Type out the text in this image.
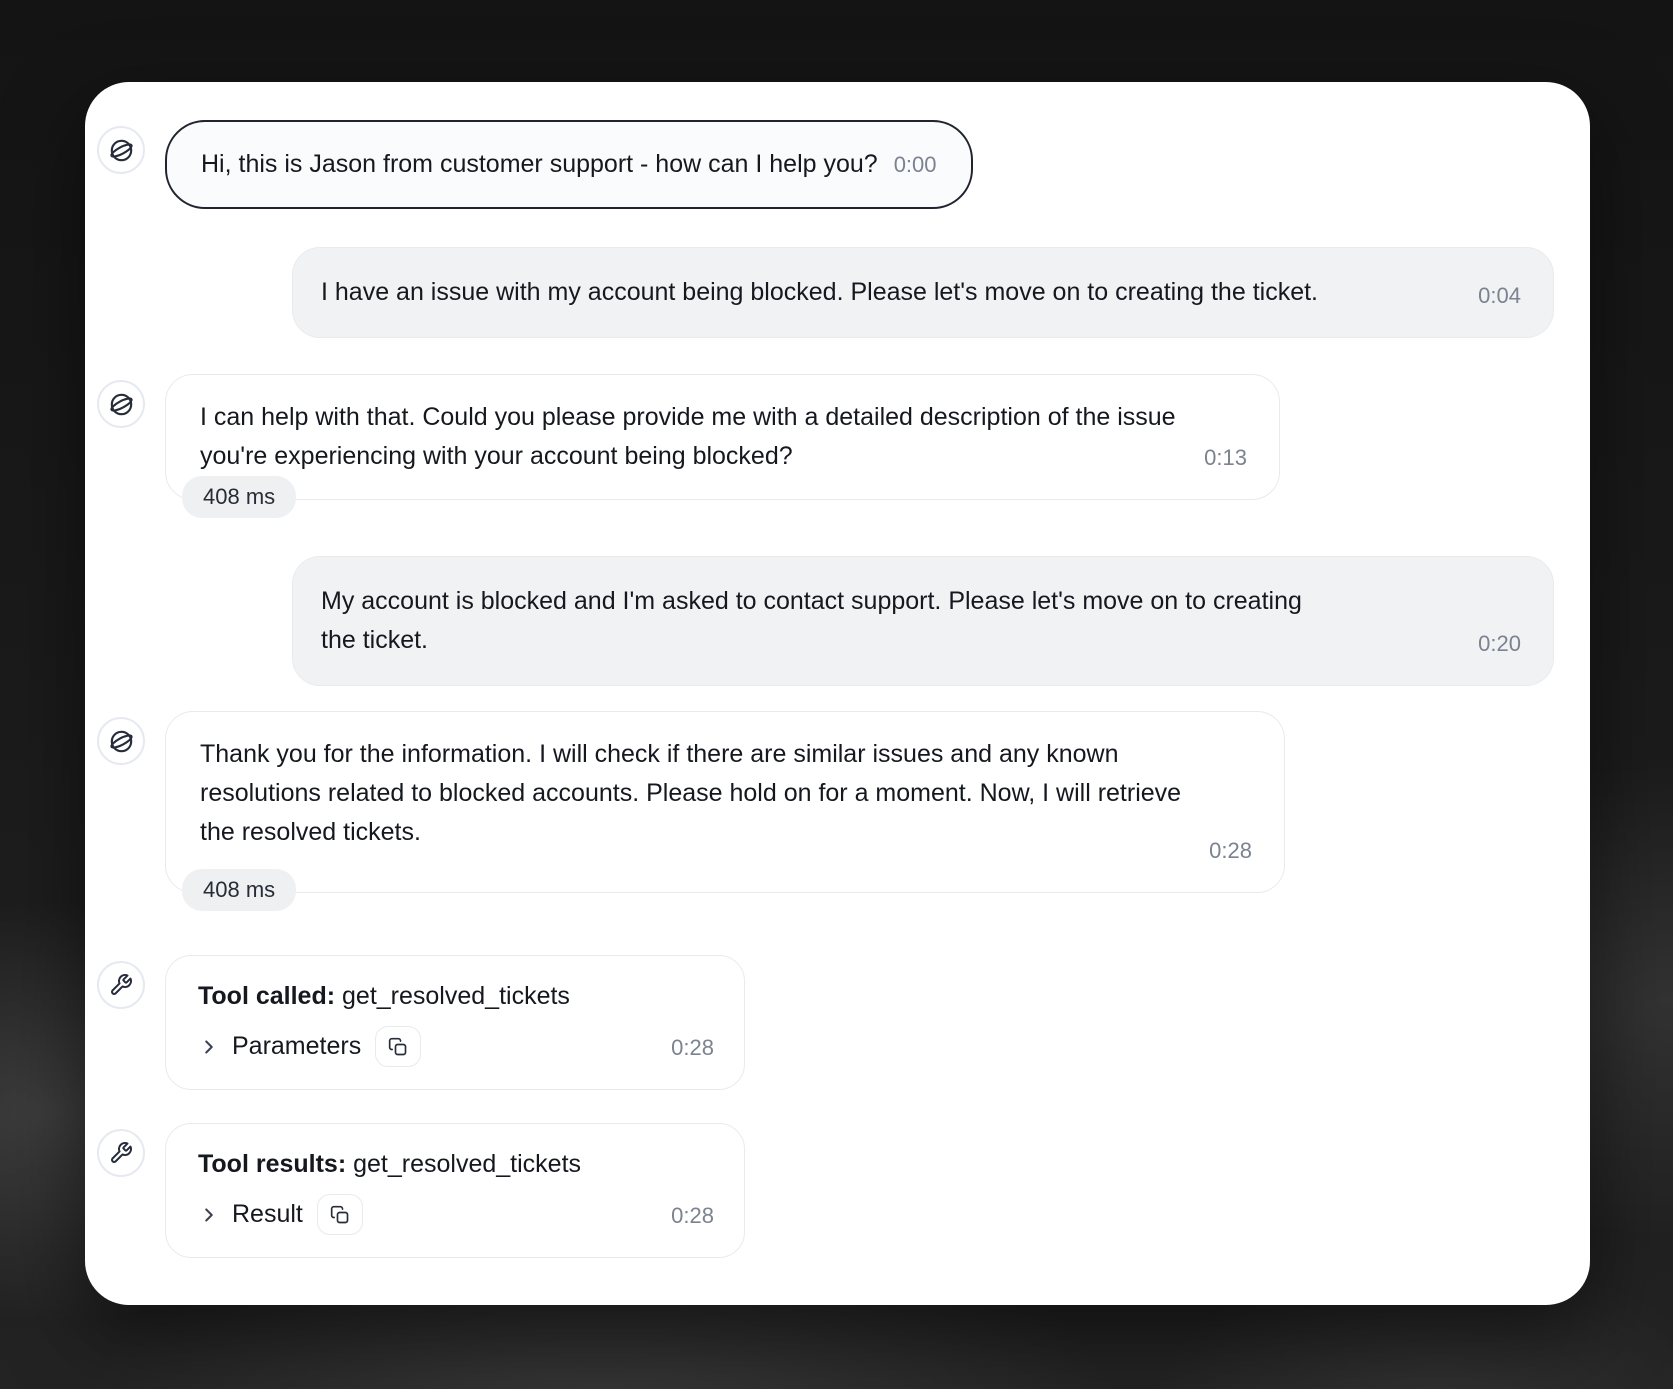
Hi, this is Jason from customer support - how can I help you? 0:00
I have an issue with my account being blocked. Please let's move on to creating the ticket.	0:04
I can help with that. Could you please provide me with a detailed description of the issue you're experiencing with your account being blocked?	0:13
408 ms
My account is blocked and I'm asked to contact support. Please let's move on to creating the ticket.	0:20
Thank you for the information. I will check if there are similar issues and any known resolutions related to blocked accounts. Please hold on for a moment. Now, I will retrieve the resolved tickets.
0:28
408 ms
Tool called: get_resolved_tickets
Parameters	0:28
Tool results: get_resolved_tickets
Result	0:28
